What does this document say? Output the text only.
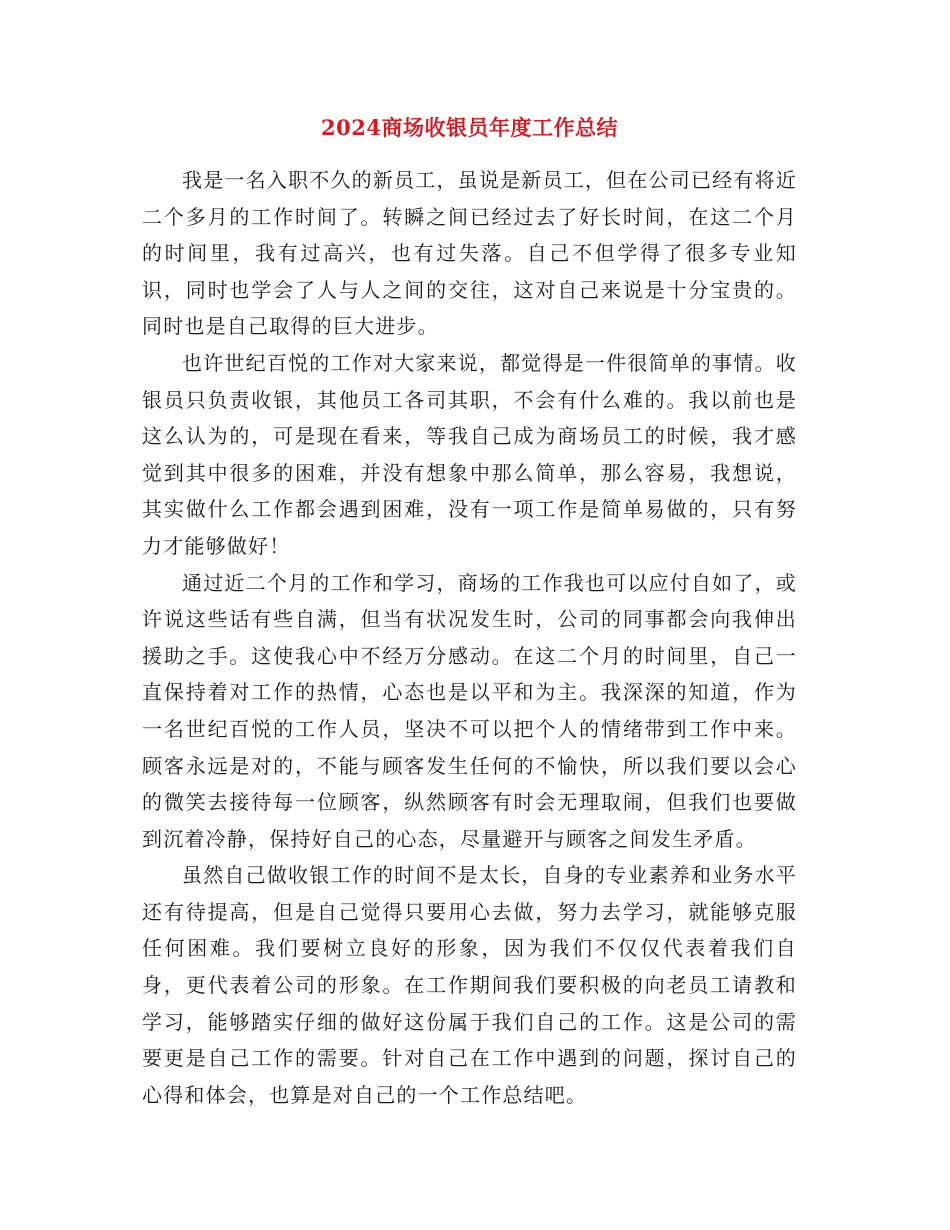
2024商场收银员年度工作总结

我是一名入职不久的新员工，虽说是新员工，但在公司已经有将近二个多月的工作时间了。转瞬之间已经过去了好长时间，在这二个月的时间里，我有过高兴，也有过失落。自己不但学得了很多专业知识，同时也学会了人与人之间的交往，这对自己来说是十分宝贵的。同时也是自己取得的巨大进步。

也许世纪百悦的工作对大家来说，都觉得是一件很简单的事情。收银员只负责收银，其他员工各司其职，不会有什么难的。我以前也是这么认为的，可是现在看来，等我自己成为商场员工的时候，我才感觉到其中很多的困难，并没有想象中那么简单，那么容易，我想说，其实做什么工作都会遇到困难，没有一项工作是简单易做的，只有努力才能够做好！

通过近二个月的工作和学习，商场的工作我也可以应付自如了，或许说这些话有些自满，但当有状况发生时，公司的同事都会向我伸出援助之手。这使我心中不经万分感动。在这二个月的时间里，自己一直保持着对工作的热情，心态也是以平和为主。我深深的知道，作为一名世纪百悦的工作人员，坚决不可以把个人的情绪带到工作中来。顾客永远是对的，不能与顾客发生任何的不愉快，所以我们要以会心的微笑去接待每一位顾客，纵然顾客有时会无理取闹，但我们也要做到沉着冷静，保持好自己的心态，尽量避开与顾客之间发生矛盾。

虽然自己做收银工作的时间不是太长，自身的专业素养和业务水平还有待提高，但是自己觉得只要用心去做，努力去学习，就能够克服任何困难。我们要树立良好的形象，因为我们不仅仅代表着我们自身，更代表着公司的形象。在工作期间我们要积极的向老员工请教和学习，能够踏实仔细的做好这份属于我们自己的工作。这是公司的需要更是自己工作的需要。针对自己在工作中遇到的问题，探讨自己的心得和体会，也算是对自己的一个工作总结吧。
